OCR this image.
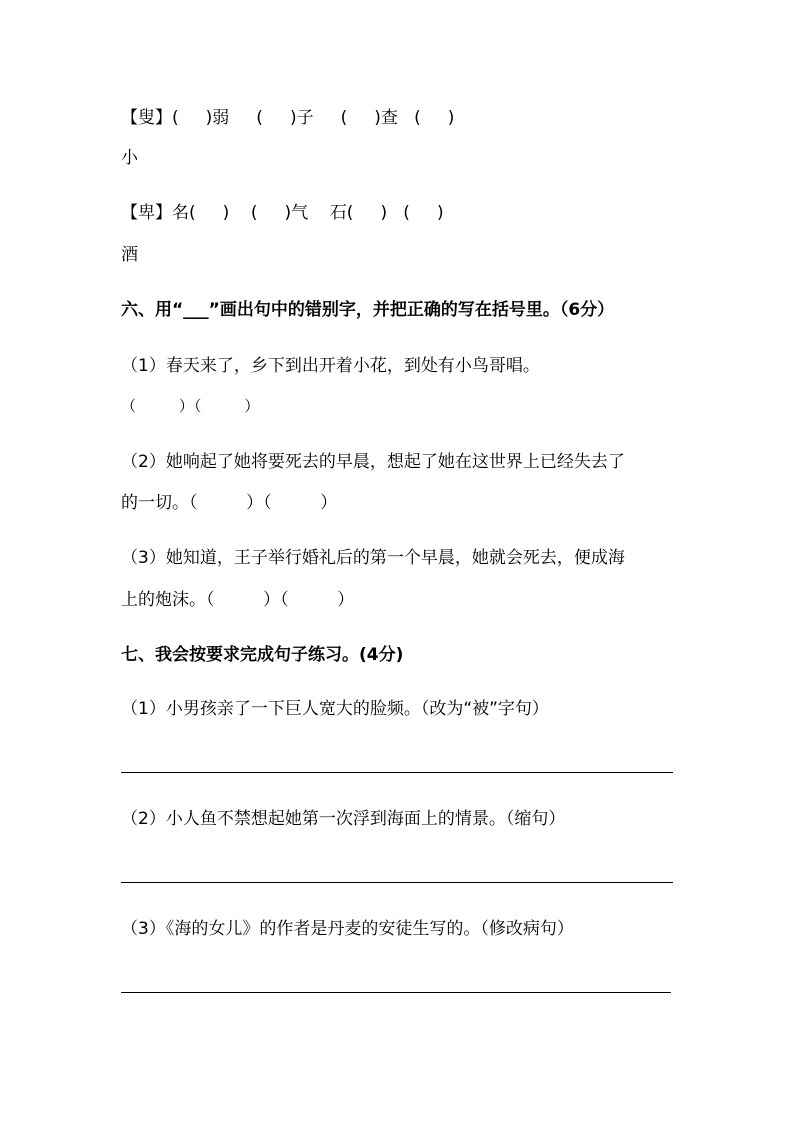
【叟】(     )弱     (     )子     (     )查   (     )
小
【卑】名(     )    (     )气    石(     )   (     )
酒
六、用“___”画出句中的错别字，并把正确的写在括号里。（6分）
（1）春天来了，乡下到出开着小花，到处有小鸟哥唱。
（         ）（         ）
（2）她响起了她将要死去的早晨，想起了她在这世界上已经失去了
的一切。（         ）（         ）
（3）她知道，王子举行婚礼后的第一个早晨，她就会死去，便成海
上的炮沫。（         ）（         ）
七、我会按要求完成句子练习。(4分)
（1）小男孩亲了一下巨人宽大的脸频。（改为“被”字句）
（2）小人鱼不禁想起她第一次浮到海面上的情景。（缩句）
（3）《海的女儿》的作者是丹麦的安徒生写的。（修改病句）
